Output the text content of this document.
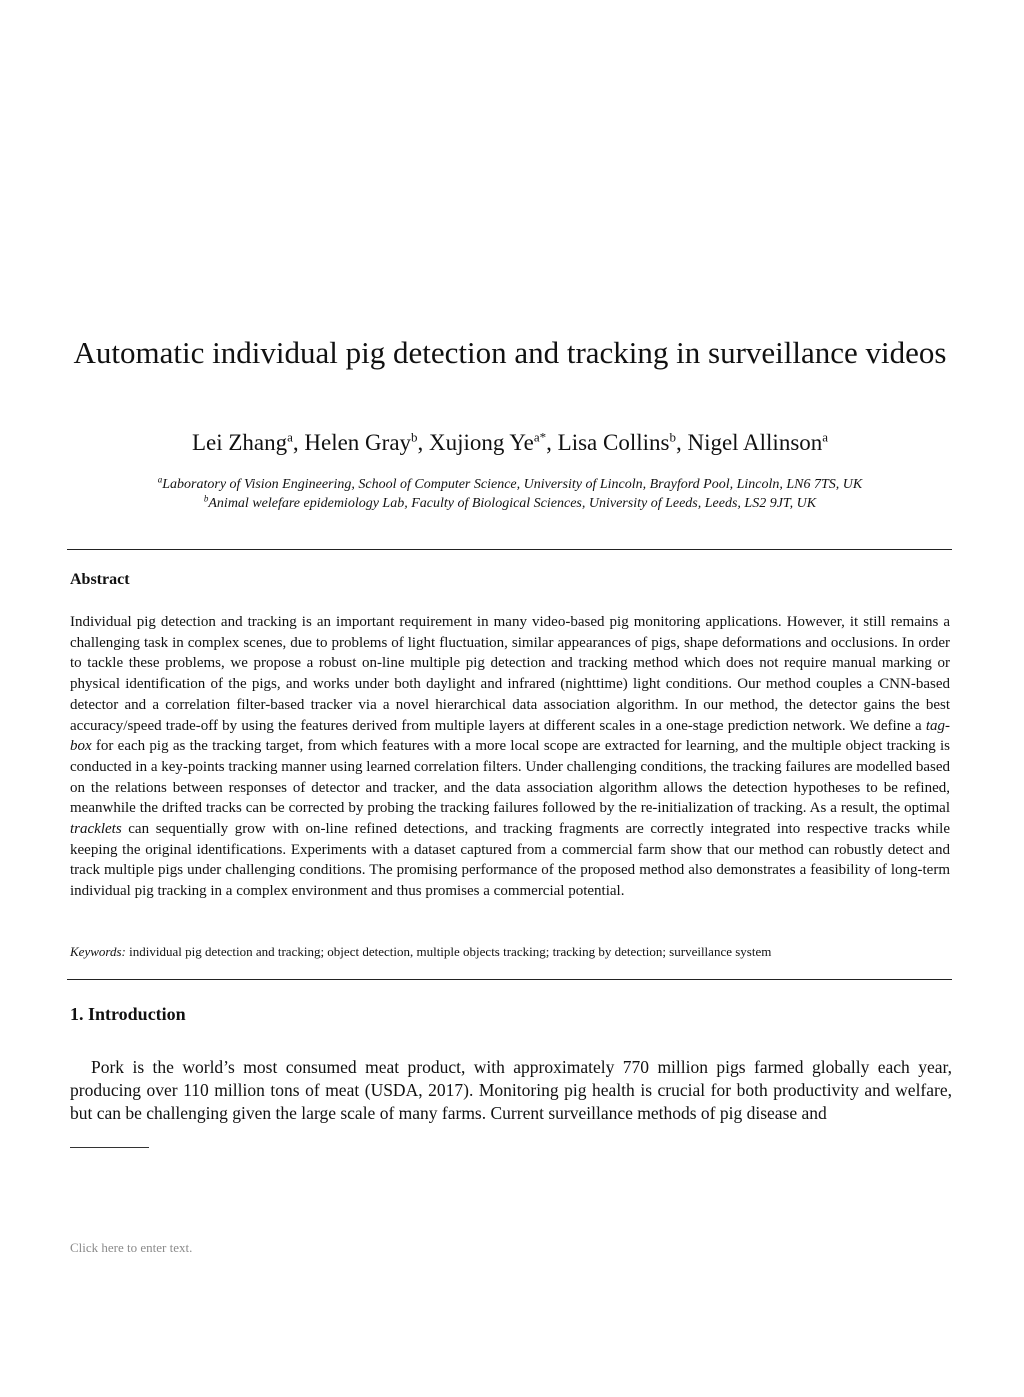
Automatic individual pig detection and tracking in surveillance videos

Lei Zhang$^a$, Helen Gray$^b$, Xujiong $Ye^{a*}$, Lisa Collins$^b$, Nigel Allinson$^a$

$^a$Laboratory of Vision Engineering, School of Computer Science, University of Lincoln, Brayford Pool, Lincoln, LN6 7TS, UK

$^b$Animal welefare epidemiology Lab, Faculty of Biological Sciences, University of Leeds, Leeds, LS2 9JT, UK

Abstract

Individual pig detection and tracking is an important requirement in many video-based pig monitoring applications. However, it still remains a challenging task in complex scenes, due to problems of light fluctuation, similar appearances of pigs, shape deformations and occlusions. In order to tackle these problems, we propose a robust on-line multiple pig detection and tracking method which does not require manual marking or physical identification of the pigs, and works under both daylight and infrared (nighttime) light conditions. Our method couples a CNN-based detector and a correlation filter-based tracker via a novel hierarchical data association algorithm. In our method, the detector gains the best accuracy/speed trade-off by using the features derived from multiple layers at different scales in a one-stage prediction network. We define a tag-box for each pig as the tracking target, from which features with a more local scope are extracted for learning, and the multiple object tracking is conducted in a key-points tracking manner using learned correlation filters. Under challenging conditions, the tracking failures are modelled based on the relations between responses of detector and tracker, and the data association algorithm allows the detection hypotheses to be refined, meanwhile the drifted tracks can be corrected by probing the tracking failures followed by the re-initialization of tracking. As a result, the optimal tracklets can sequentially grow with on-line refined detections, and tracking fragments are correctly integrated into respective tracks while keeping the original identifications. Experiments with a dataset captured from a commercial farm show that our method can robustly detect and track multiple pigs under challenging conditions. The promising performance of the proposed method also demonstrates a feasibility of long-term individual pig tracking in a complex environment and thus promises a commercial potential.

Keywords: individual pig detection and tracking; object detection, multiple objects tracking; tracking by detection; surveillance system

1. Introduction

Pork is the world’s most consumed meat product, with approximately 770 million pigs farmed globally each year, producing over 110 million tons of meat (USDA, 2017). Monitoring pig health is crucial for both productivity and welfare, but can be challenging given the large scale of many farms. Current surveillance methods of pig disease and

Click here to enter text.
